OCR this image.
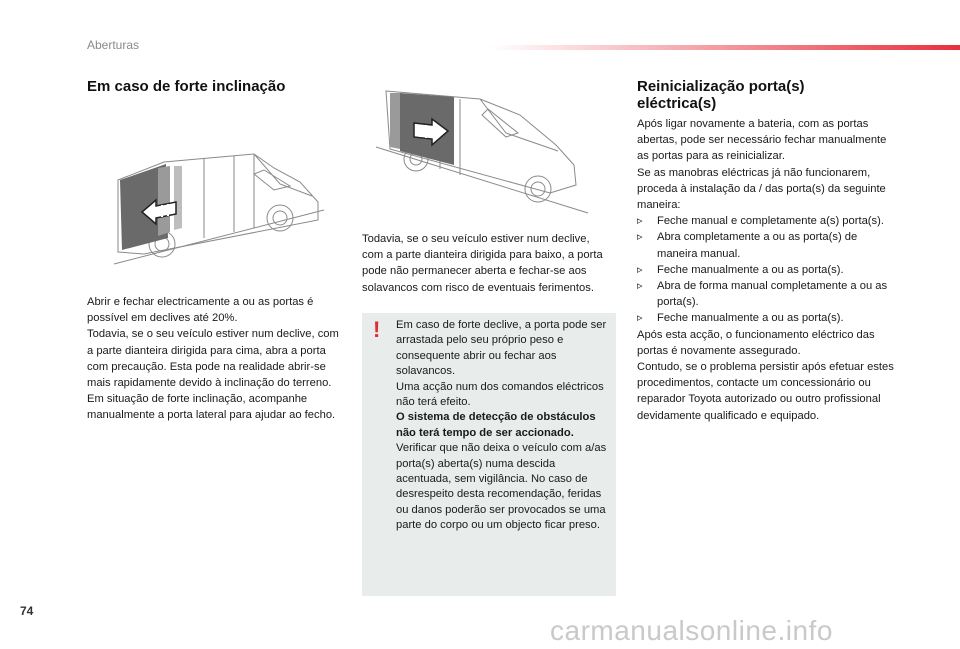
Aberturas
Em caso de forte inclinação
Abrir e fechar electricamente a ou as portas é possível em declives até 20%.
Todavia, se o seu veículo estiver num declive, com a parte dianteira dirigida para cima, abra a porta com precaução. Esta pode na realidade abrir-se mais rapidamente devido à inclinação do terreno. Em situação de forte inclinação, acompanhe manualmente a porta lateral para ajudar ao fecho.
Todavia, se o seu veículo estiver num declive, com a parte dianteira dirigida para baixo, a porta pode não permanecer aberta e fechar-se aos solavancos com risco de eventuais ferimentos.
! Em caso de forte declive, a porta pode ser arrastada pelo seu próprio peso e consequente abrir ou fechar aos solavancos.
Uma acção num dos comandos eléctricos não terá efeito.
O sistema de detecção de obstáculos não terá tempo de ser accionado.
Verificar que não deixa o veículo com a/as porta(s) aberta(s) numa descida acentuada, sem vigilância. No caso de desrespeito desta recomendação, feridas ou danos poderão ser provocados se uma parte do corpo ou um objecto ficar preso.
Reinicialização porta(s) eléctrica(s)
Após ligar novamente a bateria, com as portas abertas, pode ser necessário fechar manualmente as portas para as reinicializar.
Se as manobras eléctricas já não funcionarem, proceda à instalação da / das porta(s) da seguinte maneira:
▹	Feche manual e completamente a(s) porta(s).
▹	Abra completamente a ou as porta(s) de maneira manual.
▹	Feche manualmente a ou as porta(s).
▹	Abra de forma manual completamente a ou as porta(s).
▹	Feche manualmente a ou as porta(s).
Após esta acção, o funcionamento eléctrico das portas é novamente assegurado.
Contudo, se o problema persistir após efetuar estes procedimentos, contacte um concessionário ou reparador Toyota autorizado ou outro profissional devidamente qualificado e equipado.
74
carmanualsonline.info
